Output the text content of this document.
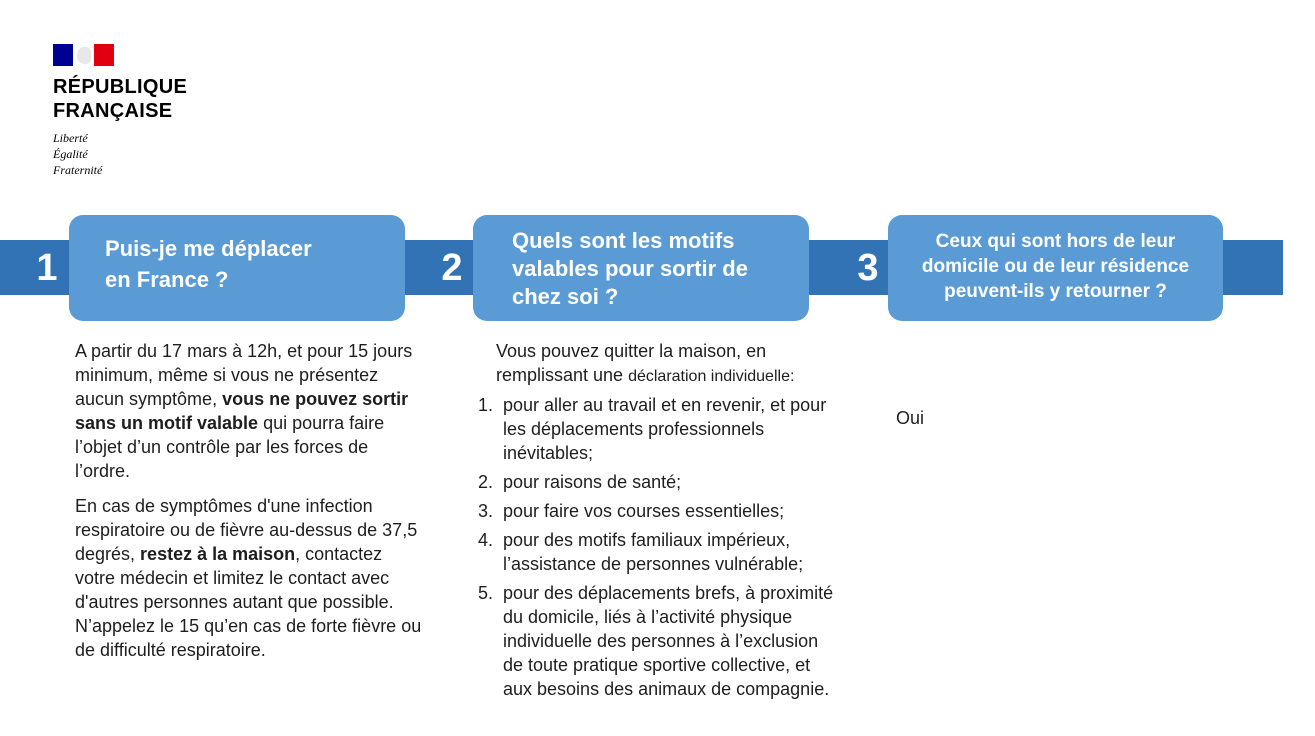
RÉPUBLIQUE
FRANÇAISE
Liberté
Égalité
Fraternité
1	2	3
Puis-je me déplacer
en France ?
Quels sont les motifs
valables pour sortir de
chez soi ?
Ceux qui sont hors de leur
domicile ou de leur résidence
peuvent-ils y retourner ?

A partir du 17 mars à 12h, et pour 15 jours minimum, même si vous ne présentez aucun symptôme, vous ne pouvez sortir sans un motif valable qui pourra faire l’objet d’un contrôle par les forces de l’ordre.

En cas de symptômes d'une infection respiratoire ou de fièvre au-dessus de 37,5 degrés, restez à la maison, contactez votre médecin et limitez le contact avec d'autres personnes autant que possible. N’appelez le 15 qu’en cas de forte fièvre ou de difficulté respiratoire.

Vous pouvez quitter la maison, en remplissant une déclaration individuelle:
1. pour aller au travail et en revenir, et pour les déplacements professionnels inévitables;
2. pour raisons de santé;
3. pour faire vos courses essentielles;
4. pour des motifs familiaux impérieux, l’assistance de personnes vulnérable;
5. pour des déplacements brefs, à proximité du domicile, liés à l’activité physique individuelle des personnes à l’exclusion de toute pratique sportive collective, et aux besoins des animaux de compagnie.
Oui
